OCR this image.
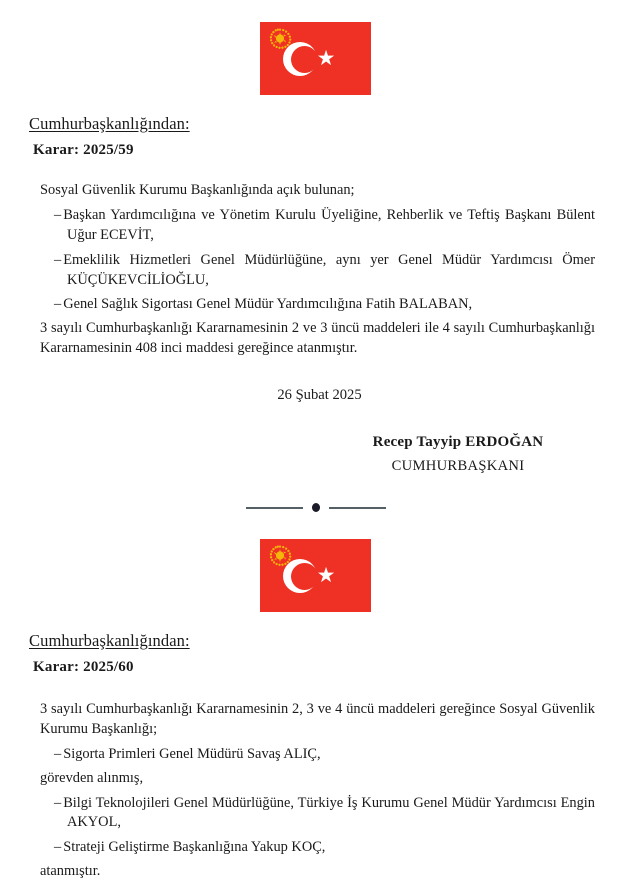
★
Cumhurbaşkanlığından:
Karar: 2025/59

Sosyal Güvenlik Kurumu Başkanlığında açık bulunan;

–Başkan Yardımcılığına ve Yönetim Kurulu Üyeliğine, Rehberlik ve Teftiş Başkanı Bülent Uğur ECEVİT,

–Emeklilik Hizmetleri Genel Müdürlüğüne, aynı yer Genel Müdür Yardımcısı Ömer KÜÇÜKEVCİLİOĞLU,

–Genel Sağlık Sigortası Genel Müdür Yardımcılığına Fatih BALABAN,

3 sayılı Cumhurbaşkanlığı Kararnamesinin 2 ve 3 üncü maddeleri ile 4 sayılı Cumhurbaşkanlığı Kararnamesinin 408 inci maddesi gereğince atanmıştır.

26 Şubat 2025
Recep Tayyip ERDOĞAN
CUMHURBAŞKANI
★
Cumhurbaşkanlığından:
Karar: 2025/60

3 sayılı Cumhurbaşkanlığı Kararnamesinin 2, 3 ve 4 üncü maddeleri gereğince Sosyal Güvenlik Kurumu Başkanlığı;

–Sigorta Primleri Genel Müdürü Savaş ALIÇ,

görevden alınmış,

–Bilgi Teknolojileri Genel Müdürlüğüne, Türkiye İş Kurumu Genel Müdür Yardımcısı Engin AKYOL,

–Strateji Geliştirme Başkanlığına Yakup KOÇ,

atanmıştır.
